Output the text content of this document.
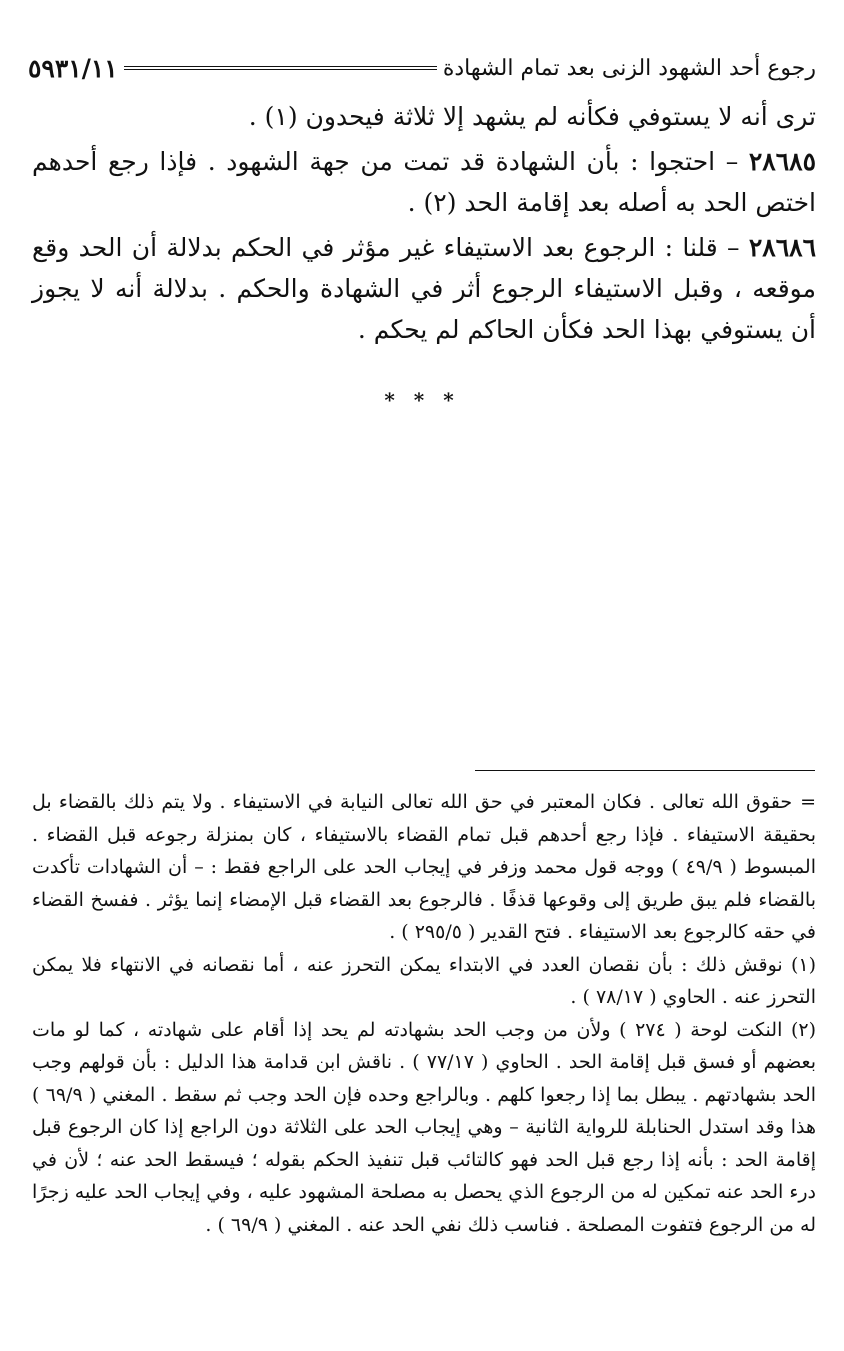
٥٩٣١/١١	رجوع أحد الشهود الزنى بعد تمام الشهادة

ترى أنه لا يستوفي فكأنه لم يشهد إلا ثلاثة فيحدون (١) .

٢٨٦٨٥ – احتجوا : بأن الشهادة قد تمت من جهة الشهود . فإذا رجع أحدهم اختص الحد به أصله بعد إقامة الحد (٢) .

٢٨٦٨٦ – قلنا : الرجوع بعد الاستيفاء غير مؤثر في الحكم بدلالة أن الحد وقع موقعه ، وقبل الاستيفاء الرجوع أثر في الشهادة والحكم . بدلالة أنه لا يجوز أن يستوفي بهذا الحد فكأن الحاكم لم يحكم .

* * *

=
حقوق الله تعالى . فكان المعتبر في حق الله تعالى النيابة في الاستيفاء . ولا يتم ذلك بالقضاء بل بحقيقة الاستيفاء . فإذا رجع أحدهم قبل تمام القضاء بالاستيفاء ، كان بمنزلة رجوعه قبل القضاء . المبسوط ( ٤٩/٩ ) ووجه قول محمد وزفر في إيجاب الحد على الراجع فقط : – أن الشهادات تأكدت بالقضاء فلم يبق طريق إلى وقوعها قذفًا . فالرجوع بعد القضاء قبل الإمضاء إنما يؤثر . ففسخ القضاء في حقه كالرجوع بعد الاستيفاء . فتح القدير ( ٢٩٥/٥ ) .

(١) نوقش ذلك : بأن نقصان العدد في الابتداء يمكن التحرز عنه ، أما نقصانه في الانتهاء فلا يمكن التحرز عنه . الحاوي ( ٧٨/١٧ ) .

(٢) النكت لوحة ( ٢٧٤ ) ولأن من وجب الحد بشهادته لم يحد إذا أقام على شهادته ، كما لو مات بعضهم أو فسق قبل إقامة الحد . الحاوي ( ٧٧/١٧ ) . ناقش ابن قدامة هذا الدليل : بأن قولهم وجب الحد بشهادتهم . يبطل بما إذا رجعوا كلهم . وبالراجع وحده فإن الحد وجب ثم سقط . المغني ( ٦٩/٩ ) هذا وقد استدل الحنابلة للرواية الثانية – وهي إيجاب الحد على الثلاثة دون الراجع إذا كان الرجوع قبل إقامة الحد : بأنه إذا رجع قبل الحد فهو كالتائب قبل تنفيذ الحكم بقوله ؛ فيسقط الحد عنه ؛ لأن في درء الحد عنه تمكين له من الرجوع الذي يحصل به مصلحة المشهود عليه ، وفي إيجاب الحد عليه زجرًا له من الرجوع فتفوت المصلحة . فناسب ذلك نفي الحد عنه . المغني ( ٦٩/٩ ) .
